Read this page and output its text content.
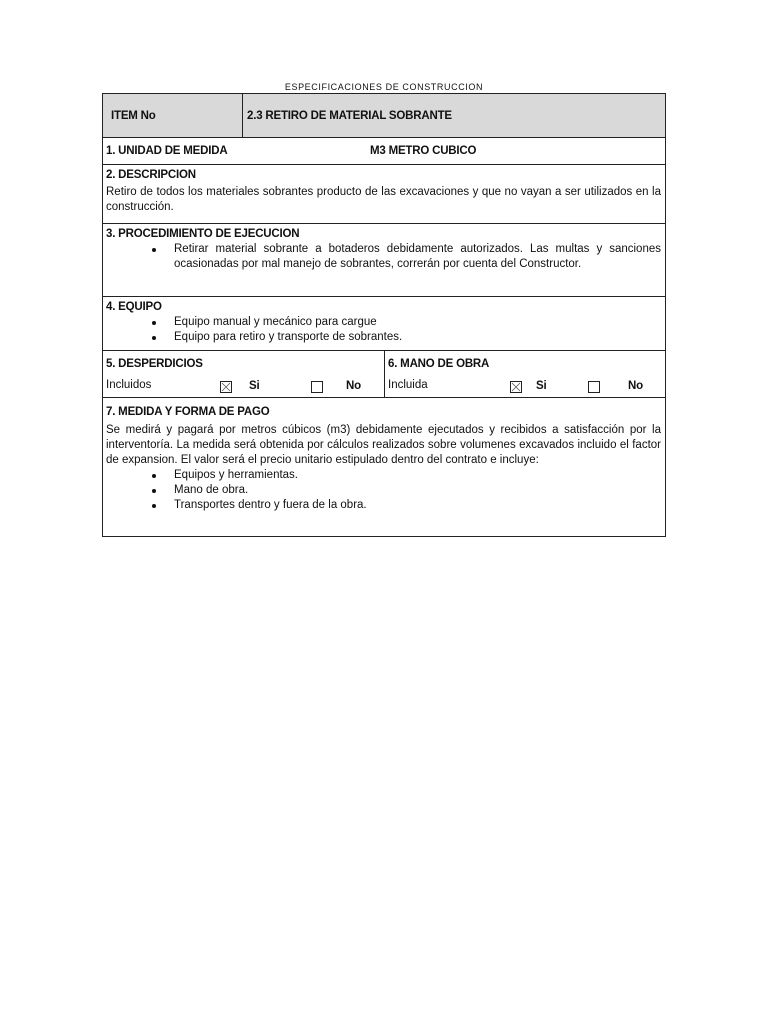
ESPECIFICACIONES DE CONSTRUCCION
ITEM No	2.3 RETIRO DE MATERIAL SOBRANTE
1. UNIDAD DE MEDIDA	M3 METRO CUBICO
2. DESCRIPCION
Retiro de todos los materiales sobrantes producto de las excavaciones y que no vayan a ser utilizados en la construcción.
3. PROCEDIMIENTO DE EJECUCION
Retirar material sobrante a botaderos debidamente autorizados. Las multas y sanciones ocasionadas por mal manejo de sobrantes, correrán por cuenta del Constructor.
4. EQUIPO
Equipo manual y mecánico para cargue
Equipo para retiro y transporte de sobrantes.
5. DESPERDICIOS
Incluidos	Si	No
6. MANO DE OBRA
Incluida	Si	No
7. MEDIDA Y FORMA DE PAGO
Se medirá y pagará por metros cúbicos (m3) debidamente ejecutados y recibidos a satisfacción por la interventoría. La medida será obtenida por cálculos realizados sobre volumenes excavados incluido el factor de expansion. El valor será el precio unitario estipulado dentro del contrato e incluye:
Equipos y herramientas.
Mano de obra.
Transportes dentro y fuera de la obra.
